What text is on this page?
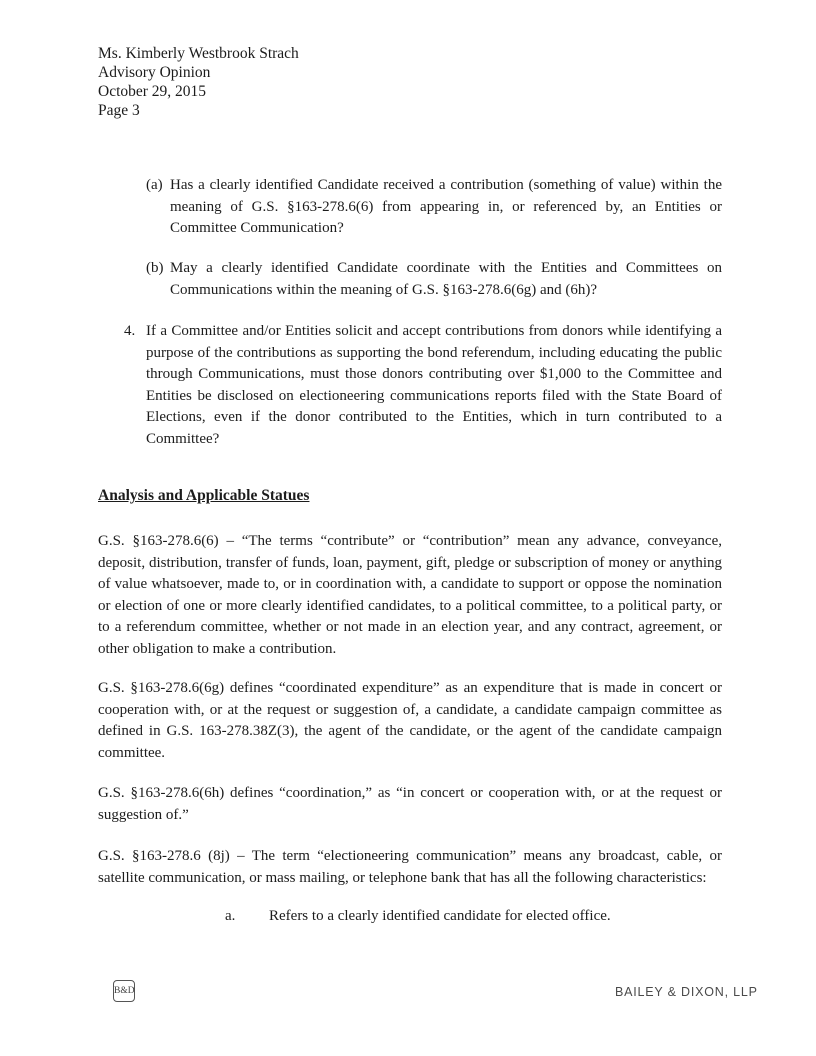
Ms. Kimberly Westbrook Strach
Advisory Opinion
October 29, 2015
Page 3
(a) Has a clearly identified Candidate received a contribution (something of value) within the meaning of G.S. §163-278.6(6) from appearing in, or referenced by, an Entities or Committee Communication?
(b) May a clearly identified Candidate coordinate with the Entities and Committees on Communications within the meaning of G.S. §163-278.6(6g) and (6h)?
4. If a Committee and/or Entities solicit and accept contributions from donors while identifying a purpose of the contributions as supporting the bond referendum, including educating the public through Communications, must those donors contributing over $1,000 to the Committee and Entities be disclosed on electioneering communications reports filed with the State Board of Elections, even if the donor contributed to the Entities, which in turn contributed to a Committee?
Analysis and Applicable Statues
G.S. §163-278.6(6) – “The terms “contribute” or “contribution” mean any advance, conveyance, deposit, distribution, transfer of funds, loan, payment, gift, pledge or subscription of money or anything of value whatsoever, made to, or in coordination with, a candidate to support or oppose the nomination or election of one or more clearly identified candidates, to a political committee, to a political party, or to a referendum committee, whether or not made in an election year, and any contract, agreement, or other obligation to make a contribution.
G.S. §163-278.6(6g) defines “coordinated expenditure” as an expenditure that is made in concert or cooperation with, or at the request or suggestion of, a candidate, a candidate campaign committee as defined in G.S. 163-278.38Z(3), the agent of the candidate, or the agent of the candidate campaign committee.
G.S. §163-278.6(6h) defines “coordination,” as “in concert or cooperation with, or at the request or suggestion of.”
G.S. §163-278.6 (8j) – The term “electioneering communication” means any broadcast, cable, or satellite communication, or mass mailing, or telephone bank that has all the following characteristics:
a. Refers to a clearly identified candidate for elected office.
B&D	BAILEY & DIXON, LLP
